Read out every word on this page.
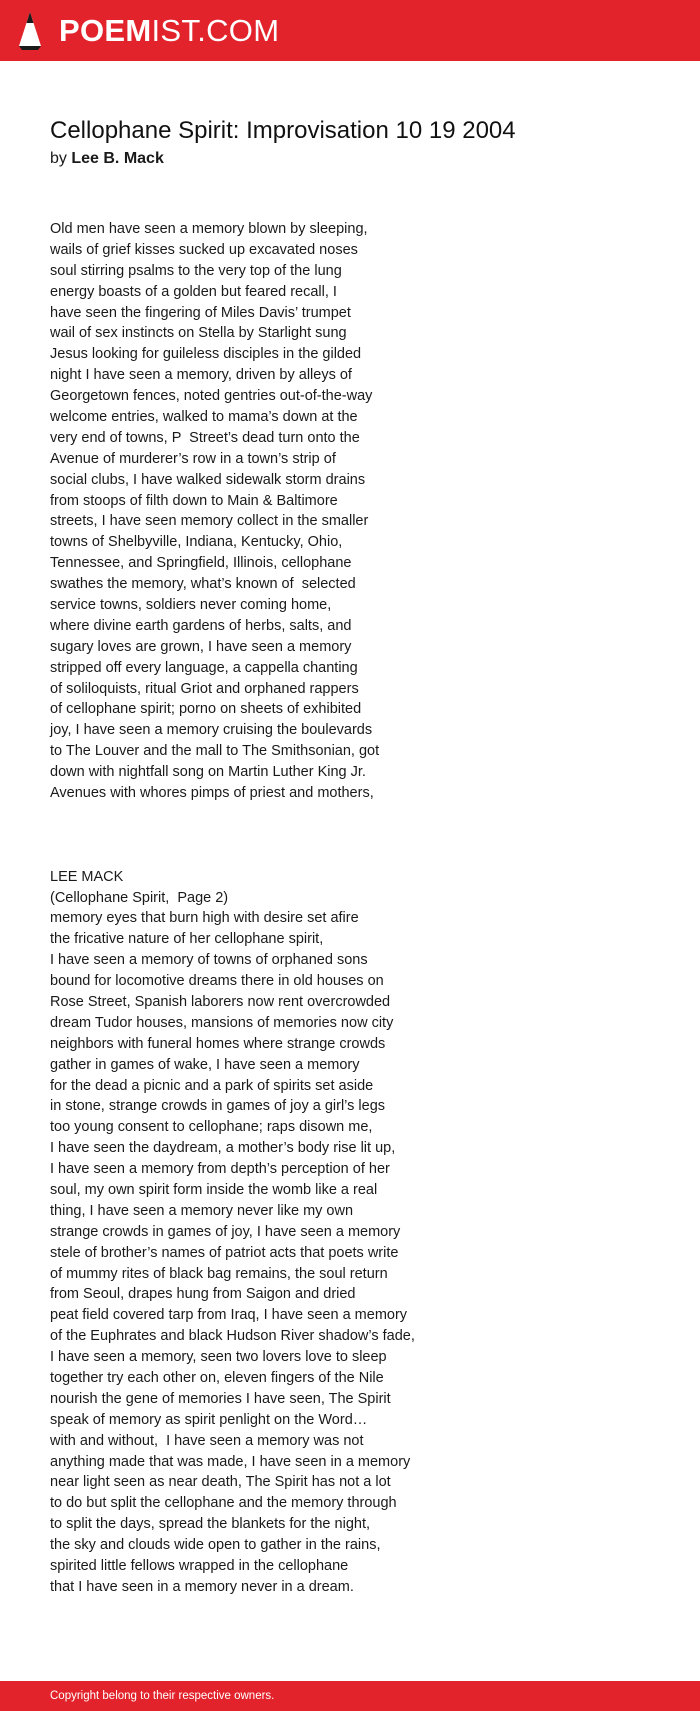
POEMIST.COM
Cellophane Spirit: Improvisation 10 19 2004
by Lee B. Mack
Old men have seen a memory blown by sleeping,
wails of grief kisses sucked up excavated noses
soul stirring psalms to the very top of the lung
energy boasts of a golden but feared recall, I
have seen the fingering of Miles Davis’ trumpet
wail of sex instincts on Stella by Starlight sung
Jesus looking for guileless disciples in the gilded
night I have seen a memory, driven by alleys of
Georgetown fences, noted gentries out-of-the-way
welcome entries, walked to mama’s down at the
very end of towns, P  Street’s dead turn onto the
Avenue of murderer’s row in a town’s strip of
social clubs, I have walked sidewalk storm drains
from stoops of filth down to Main & Baltimore
streets, I have seen memory collect in the smaller
towns of Shelbyville, Indiana, Kentucky, Ohio,
Tennessee, and Springfield, Illinois, cellophane
swathes the memory, what’s known of  selected
service towns, soldiers never coming home,
where divine earth gardens of herbs, salts, and
sugary loves are grown, I have seen a memory
stripped off every language, a cappella chanting
of soliloquists, ritual Griot and orphaned rappers
of cellophane spirit; porno on sheets of exhibited
joy, I have seen a memory cruising the boulevards
to The Louver and the mall to The Smithsonian, got
down with nightfall song on Martin Luther King Jr.
Avenues with whores pimps of priest and mothers,
LEE MACK
(Cellophane Spirit,  Page 2)
memory eyes that burn high with desire set afire
the fricative nature of her cellophane spirit,
I have seen a memory of towns of orphaned sons
bound for locomotive dreams there in old houses on
Rose Street, Spanish laborers now rent overcrowded
dream Tudor houses, mansions of memories now city
neighbors with funeral homes where strange crowds
gather in games of wake, I have seen a memory
for the dead a picnic and a park of spirits set aside
in stone, strange crowds in games of joy a girl’s legs
too young consent to cellophane; raps disown me,
I have seen the daydream, a mother’s body rise lit up,
I have seen a memory from depth’s perception of her
soul, my own spirit form inside the womb like a real
thing, I have seen a memory never like my own
strange crowds in games of joy, I have seen a memory
stele of brother’s names of patriot acts that poets write
of mummy rites of black bag remains, the soul return
from Seoul, drapes hung from Saigon and dried
peat field covered tarp from Iraq, I have seen a memory
of the Euphrates and black Hudson River shadow’s fade,
I have seen a memory, seen two lovers love to sleep
together try each other on, eleven fingers of the Nile
nourish the gene of memories I have seen, The Spirit
speak of memory as spirit penlight on the Word…
with and without,  I have seen a memory was not
anything made that was made, I have seen in a memory
near light seen as near death, The Spirit has not a lot
to do but split the cellophane and the memory through
to split the days, spread the blankets for the night,
the sky and clouds wide open to gather in the rains,
spirited little fellows wrapped in the cellophane
that I have seen in a memory never in a dream.
Copyright belong to their respective owners.
